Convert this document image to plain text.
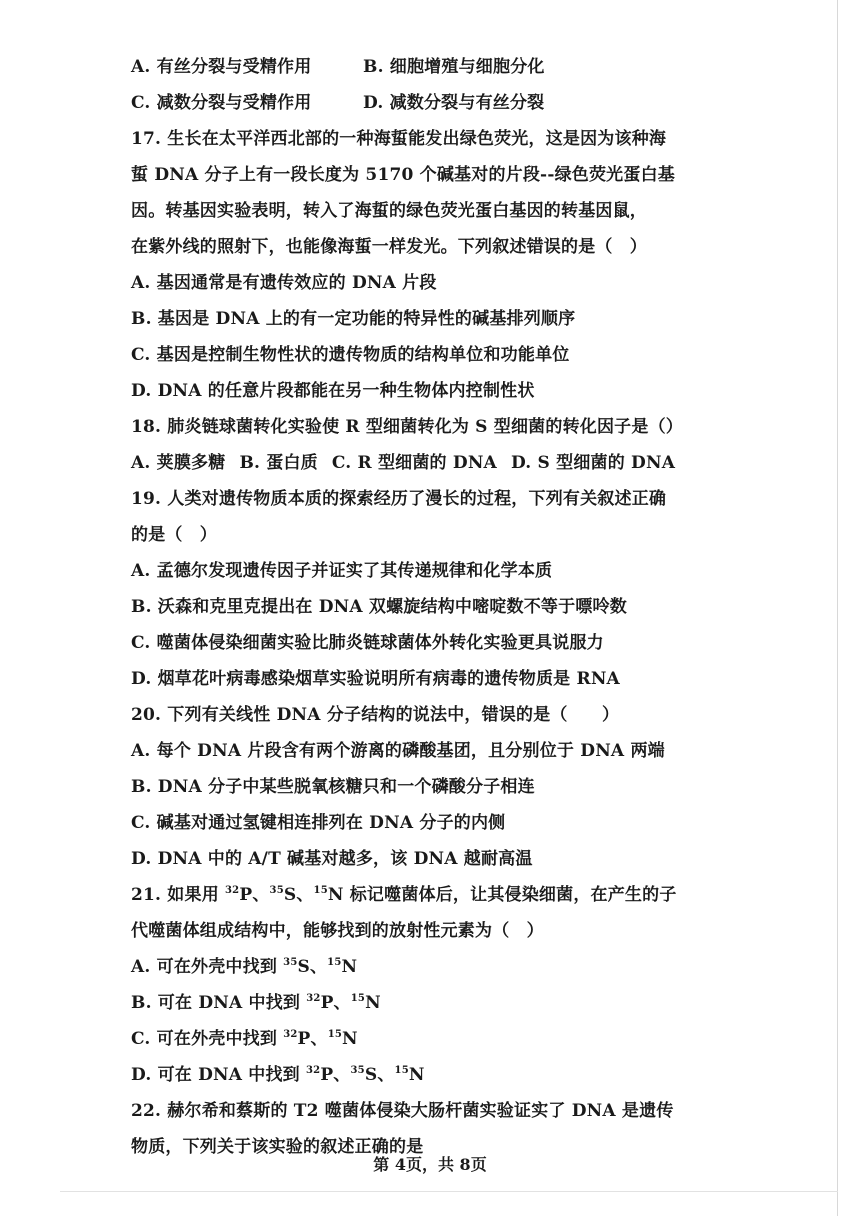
A. 有丝分裂与受精作用	B. 细胞增殖与细胞分化
C. 减数分裂与受精作用	D. 减数分裂与有丝分裂
17. 生长在太平洋西北部的一种海蜇能发出绿色荧光，这是因为该种海
蜇 DNA 分子上有一段长度为 5170 个碱基对的片段--绿色荧光蛋白基
因。转基因实验表明，转入了海蜇的绿色荧光蛋白基因的转基因鼠，
在紫外线的照射下，也能像海蜇一样发光。下列叙述错误的是（　）
A. 基因通常是有遗传效应的 DNA 片段
B. 基因是 DNA 上的有一定功能的特异性的碱基排列顺序
C. 基因是控制生物性状的遗传物质的结构单位和功能单位
D. DNA 的任意片段都能在另一种生物体内控制性状
18. 肺炎链球菌转化实验使 R 型细菌转化为 S 型细菌的转化因子是（）
A. 荚膜多糖 B. 蛋白质 C. R 型细菌的 DNA D. S 型细菌的 DNA
19. 人类对遗传物质本质的探索经历了漫长的过程，下列有关叙述正确
的是（　）
A. 孟德尔发现遗传因子并证实了其传递规律和化学本质
B. 沃森和克里克提出在 DNA 双螺旋结构中嘧啶数不等于嘌呤数
C. 噬菌体侵染细菌实验比肺炎链球菌体外转化实验更具说服力
D. 烟草花叶病毒感染烟草实验说明所有病毒的遗传物质是 RNA
20. 下列有关线性 DNA 分子结构的说法中，错误的是（　　）
A. 每个 DNA 片段含有两个游离的磷酸基团，且分别位于 DNA 两端
B. DNA 分子中某些脱氧核糖只和一个磷酸分子相连
C. 碱基对通过氢键相连排列在 DNA 分子的内侧
D. DNA 中的 A/T 碱基对越多，该 DNA 越耐高温
21. 如果用 $^{32}$P、$^{35}$S、$^{15}$N 标记噬菌体后，让其侵染细菌，在产生的子
代噬菌体组成结构中，能够找到的放射性元素为（　）
A. 可在外壳中找到 $^{35}$S、$^{15}$N
B. 可在 DNA 中找到 $^{32}$P、$^{15}$N
C. 可在外壳中找到 $^{32}$P、$^{15}$N
D. 可在 DNA 中找到 $^{32}$P、$^{35}$S、$^{15}$N
22. 赫尔希和蔡斯的 T2 噬菌体侵染大肠杆菌实验证实了 DNA 是遗传
物质，下列关于该实验的叙述正确的是
第 4页，共 8页
